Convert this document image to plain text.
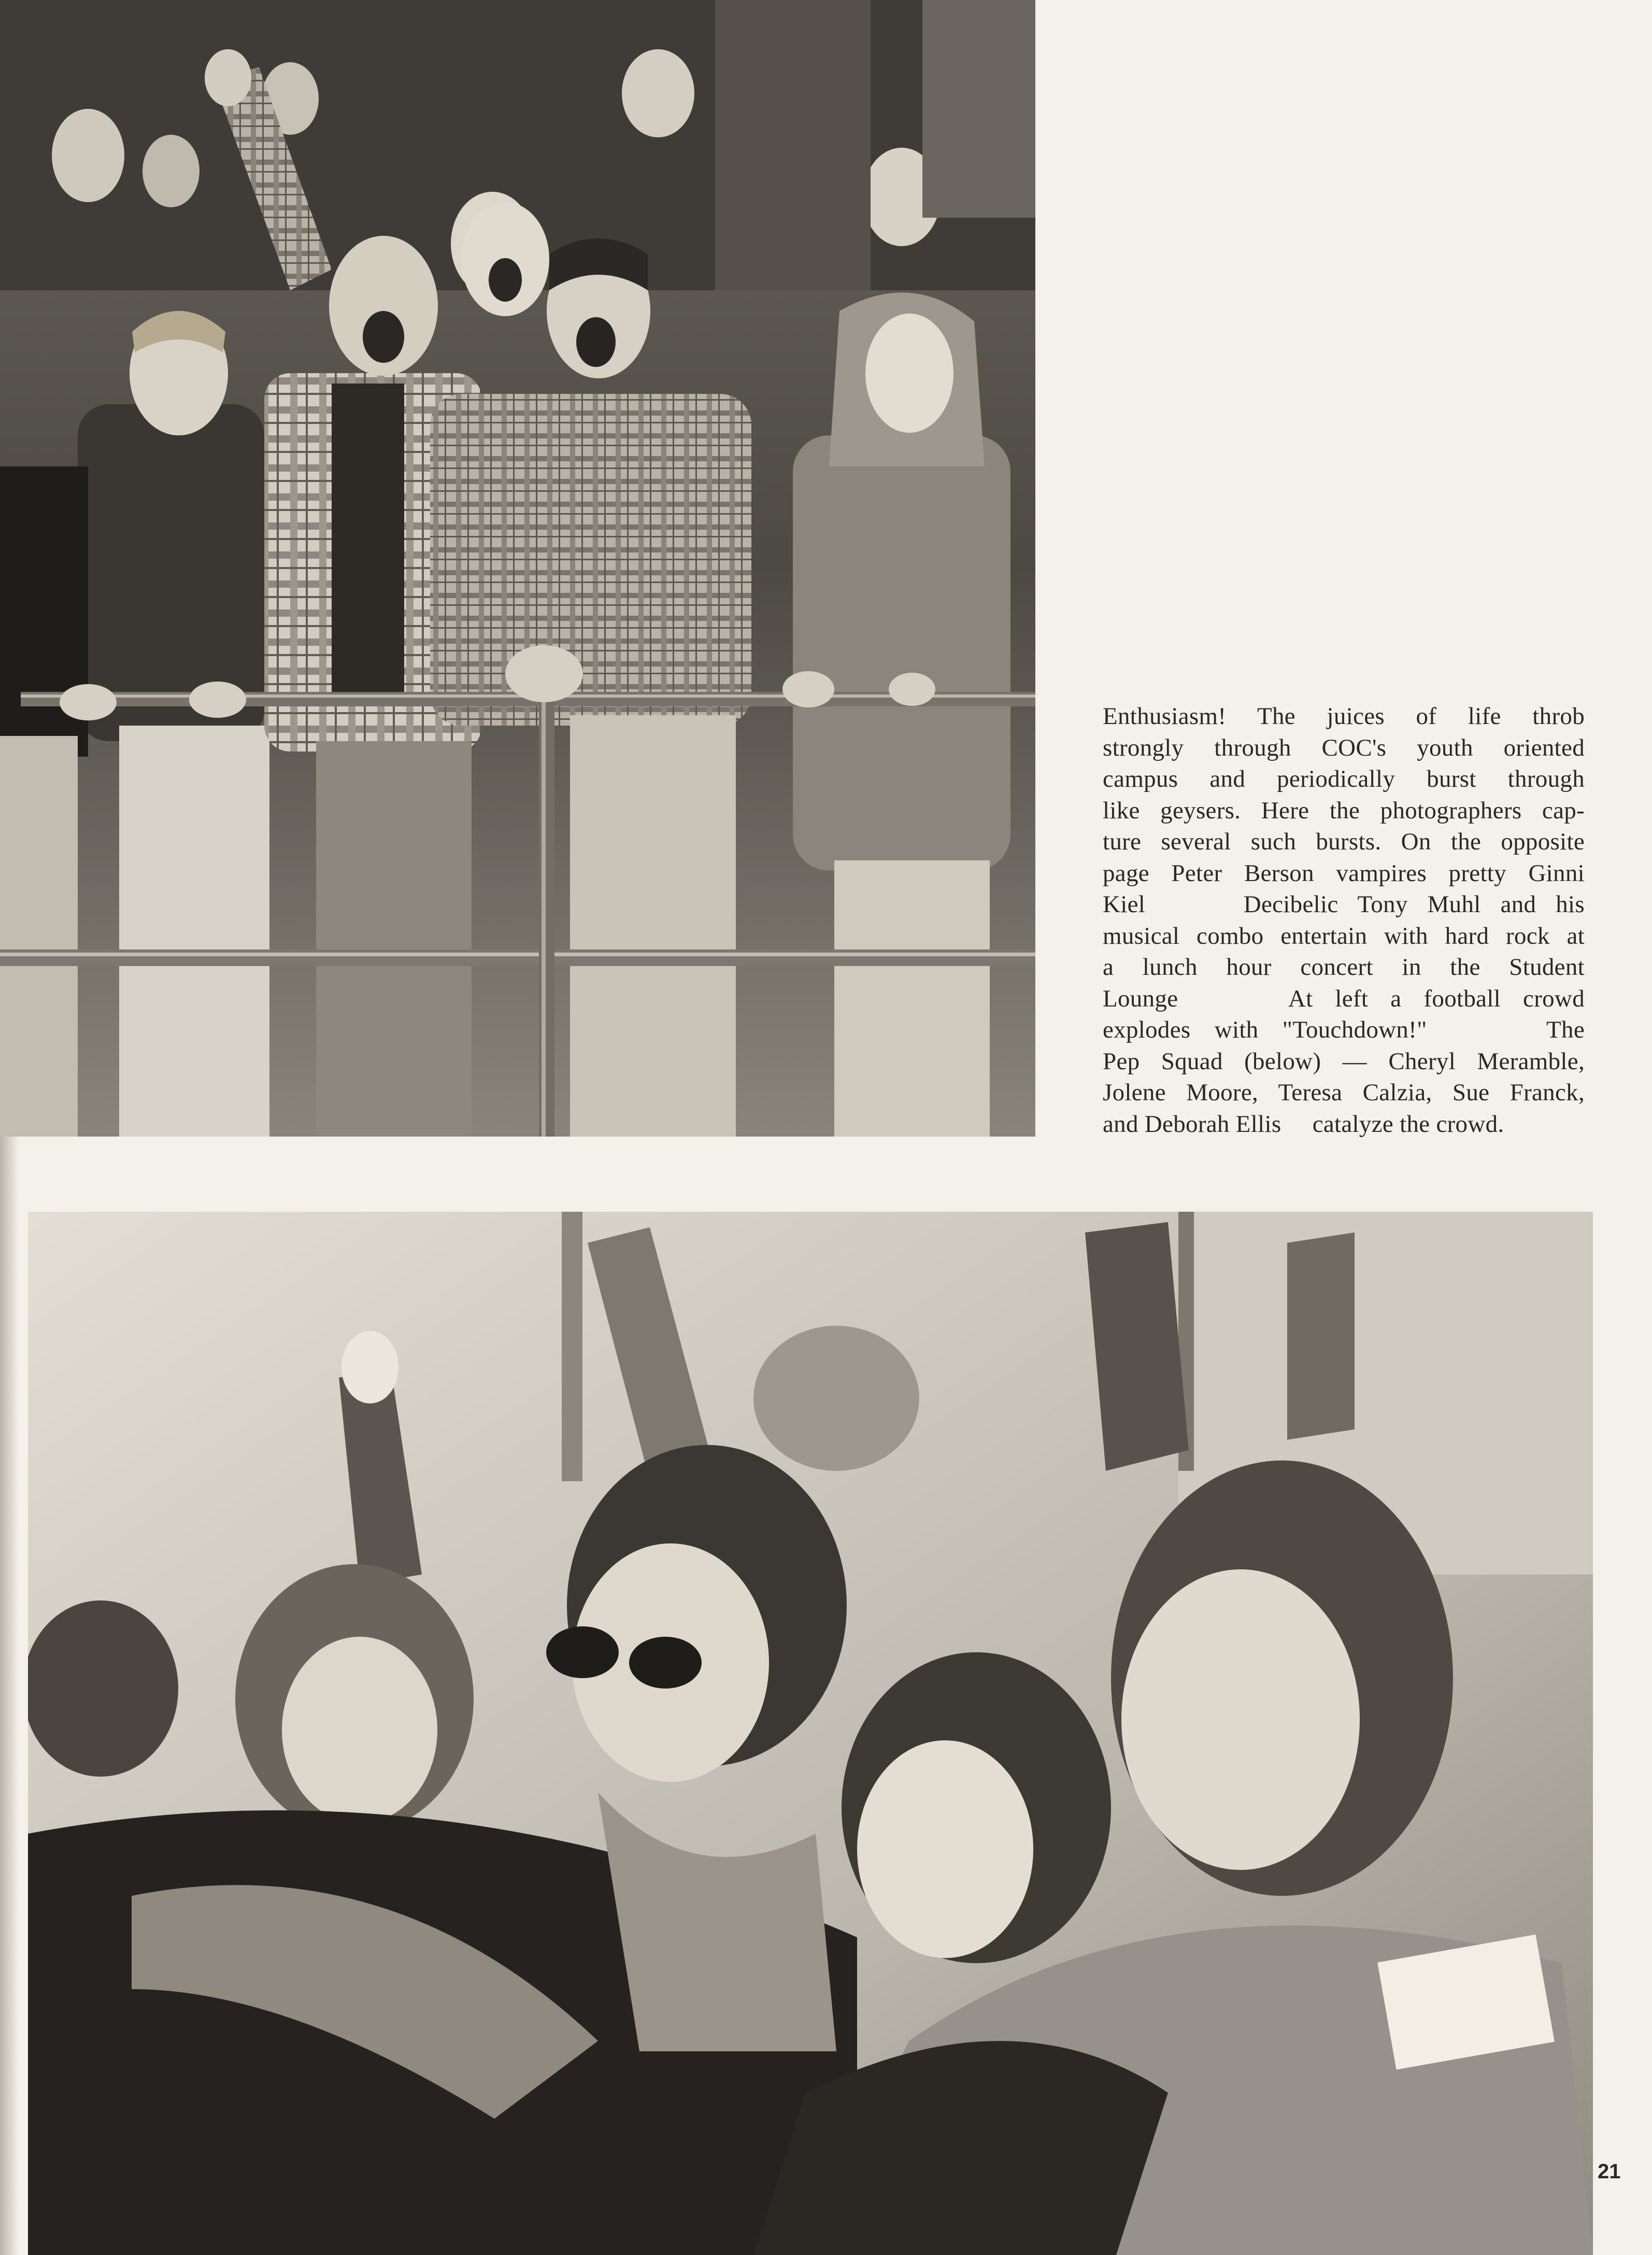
Enthusiasm! The juices of life throb
strongly through COC's youth oriented
campus and periodically burst through
like geysers. Here the photographers cap-
ture several such bursts. On the opposite
page Peter Berson vampires pretty Ginni
Kiel     Decibelic Tony Muhl and his
musical combo entertain with hard rock at
a lunch hour concert in the Student
Lounge     At left a football crowd
explodes with "Touchdown!"     The
Pep Squad (below) — Cheryl Meramble,
Jolene Moore, Teresa Calzia, Sue Franck,
and Deborah Ellis     catalyze the crowd.
21
